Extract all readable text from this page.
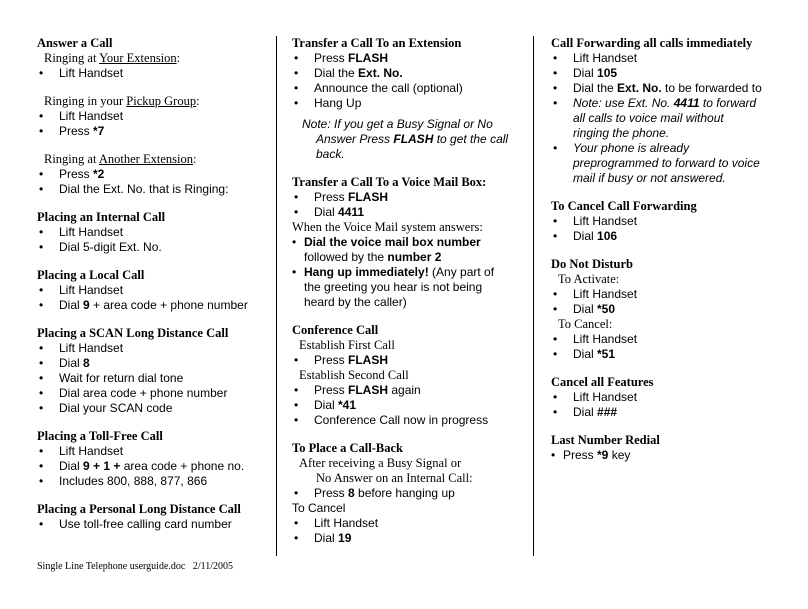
Answer a Call

Ringing at Your Extension:

• Lift Handset

Ringing in your Pickup Group:

• Lift Handset
• Press *7

Ringing at Another Extension:

• Press *2
• Dial the Ext. No. that is Ringing:
Placing an Internal Call
• Lift Handset
• Dial 5-digit Ext. No.
Placing a Local Call
• Lift Handset
• Dial 9 + area code + phone number
Placing a SCAN Long Distance Call
• Lift Handset
• Dial 8
• Wait for return dial tone
• Dial area code + phone number
• Dial your SCAN code
Placing a Toll-Free Call
• Lift Handset
• Dial 9 + 1 + area code + phone no.
• Includes 800, 888, 877, 866
Placing a Personal Long Distance Call
• Use toll-free calling card number
Transfer a Call To an Extension
• Press FLASH
• Dial the Ext. No.
• Announce the call (optional)
• Hang Up
Note: If you get a Busy Signal or No
Answer Press FLASH to get the call
back.
Transfer a Call To a Voice Mail Box:
• Press FLASH
• Dial 4411

When the Voice Mail system answers:

• Dial the voice mail box number
followed by the number 2
• Hang up immediately! (Any part of
the greeting you hear is not being
heard by the caller)
Conference Call

Establish First Call

• Press FLASH

Establish Second Call

• Press FLASH again
• Dial *41
• Conference Call now in progress
To Place a Call-Back

After receiving a Busy Signal or

No Answer on an Internal Call:

• Press 8 before hanging up

To Cancel

• Lift Handset
• Dial 19
Call Forwarding all calls immediately
• Lift Handset
• Dial 105
• Dial the Ext. No. to be forwarded to
• Note: use Ext. No. 4411 to forward
all calls to voice mail without
ringing the phone.
• Your phone is already
preprogrammed to forward to voice
mail if busy or not answered.
To Cancel Call Forwarding
• Lift Handset
• Dial 106
Do Not Disturb

To Activate:

• Lift Handset
• Dial *50

To Cancel:

• Lift Handset
• Dial *51
Cancel all Features
• Lift Handset
• Dial ###
Last Number Redial
• Press *9 key
Single Line Telephone userguide.doc 2/11/2005
